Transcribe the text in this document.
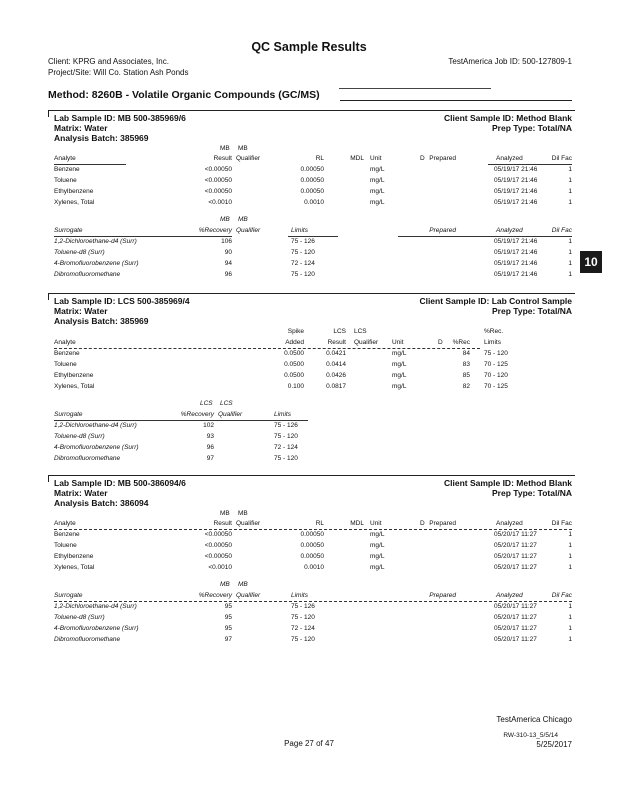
QC Sample Results
Client: KPRG and Associates, Inc.
Project/Site: Will Co. Station Ash Ponds
TestAmerica Job ID: 500-127809-1
Method: 8260B - Volatile Organic Compounds (GC/MS)
10
Lab Sample ID: MB 500-385969/6	Client Sample ID: Method Blank
Matrix: Water	Prep Type: Total/NA
Analysis Batch: 385969
MB MB
Analyte	Result Qualifier	RL	MDL Unit	D Prepared	Analyzed	Dil Fac
Benzene	<0.00050	0.00050	mg/L	05/19/17 21:46	1
Toluene	<0.00050	0.00050	mg/L	05/19/17 21:46	1
Ethylbenzene	<0.00050	0.00050	mg/L	05/19/17 21:46	1
Xylenes, Total	<0.0010	0.0010	mg/L	05/19/17 21:46	1
MB MB
Surrogate	%Recovery Qualifier	Limits	Prepared	Analyzed	Dil Fac
1,2-Dichloroethane-d4 (Surr)	106	75 - 126	05/19/17 21:46	1
Toluene-d8 (Surr)	90	75 - 120	05/19/17 21:46	1
4-Bromofluorobenzene (Surr)	94	72 - 124	05/19/17 21:46	1
Dibromofluoromethane	96	75 - 120	05/19/17 21:46	1
Lab Sample ID: LCS 500-385969/4	Client Sample ID: Lab Control Sample
Matrix: Water	Prep Type: Total/NA
Analysis Batch: 385969
Spike	LCS LCS	%Rec.
Analyte	Added	Result Qualifier Unit	D	%Rec Limits
Benzene	0.0500	0.0421	mg/L	84 75 - 120
Toluene	0.0500	0.0414	mg/L	83 70 - 125
Ethylbenzene	0.0500	0.0426	mg/L	85 70 - 120
Xylenes, Total	0.100	0.0817	mg/L	82 70 - 125
LCS LCS
Surrogate	%Recovery Qualifier	Limits
1,2-Dichloroethane-d4 (Surr)	102	75 - 126
Toluene-d8 (Surr)	93	75 - 120
4-Bromofluorobenzene (Surr)	96	72 - 124
Dibromofluoromethane	97	75 - 120
Lab Sample ID: MB 500-386094/6	Client Sample ID: Method Blank
Matrix: Water	Prep Type: Total/NA
Analysis Batch: 386094
MB MB
Analyte	Result Qualifier	RL	MDL Unit	D Prepared	Analyzed	Dil Fac
Benzene	<0.00050	0.00050	mg/L	05/20/17 11:27	1
Toluene	<0.00050	0.00050	mg/L	05/20/17 11:27	1
Ethylbenzene	<0.00050	0.00050	mg/L	05/20/17 11:27	1
Xylenes, Total	<0.0010	0.0010	mg/L	05/20/17 11:27	1
MB MB
Surrogate	%Recovery Qualifier	Limits	Prepared	Analyzed	Dil Fac
1,2-Dichloroethane-d4 (Surr)	95	75 - 126	05/20/17 11:27	1
Toluene-d8 (Surr)	95	75 - 120	05/20/17 11:27	1
4-Bromofluorobenzene (Surr)	95	72 - 124	05/20/17 11:27	1
Dibromofluoromethane	97	75 - 120	05/20/17 11:27	1
TestAmerica Chicago
Page 27 of 47
RW-310-13_5/5/14
5/25/2017
